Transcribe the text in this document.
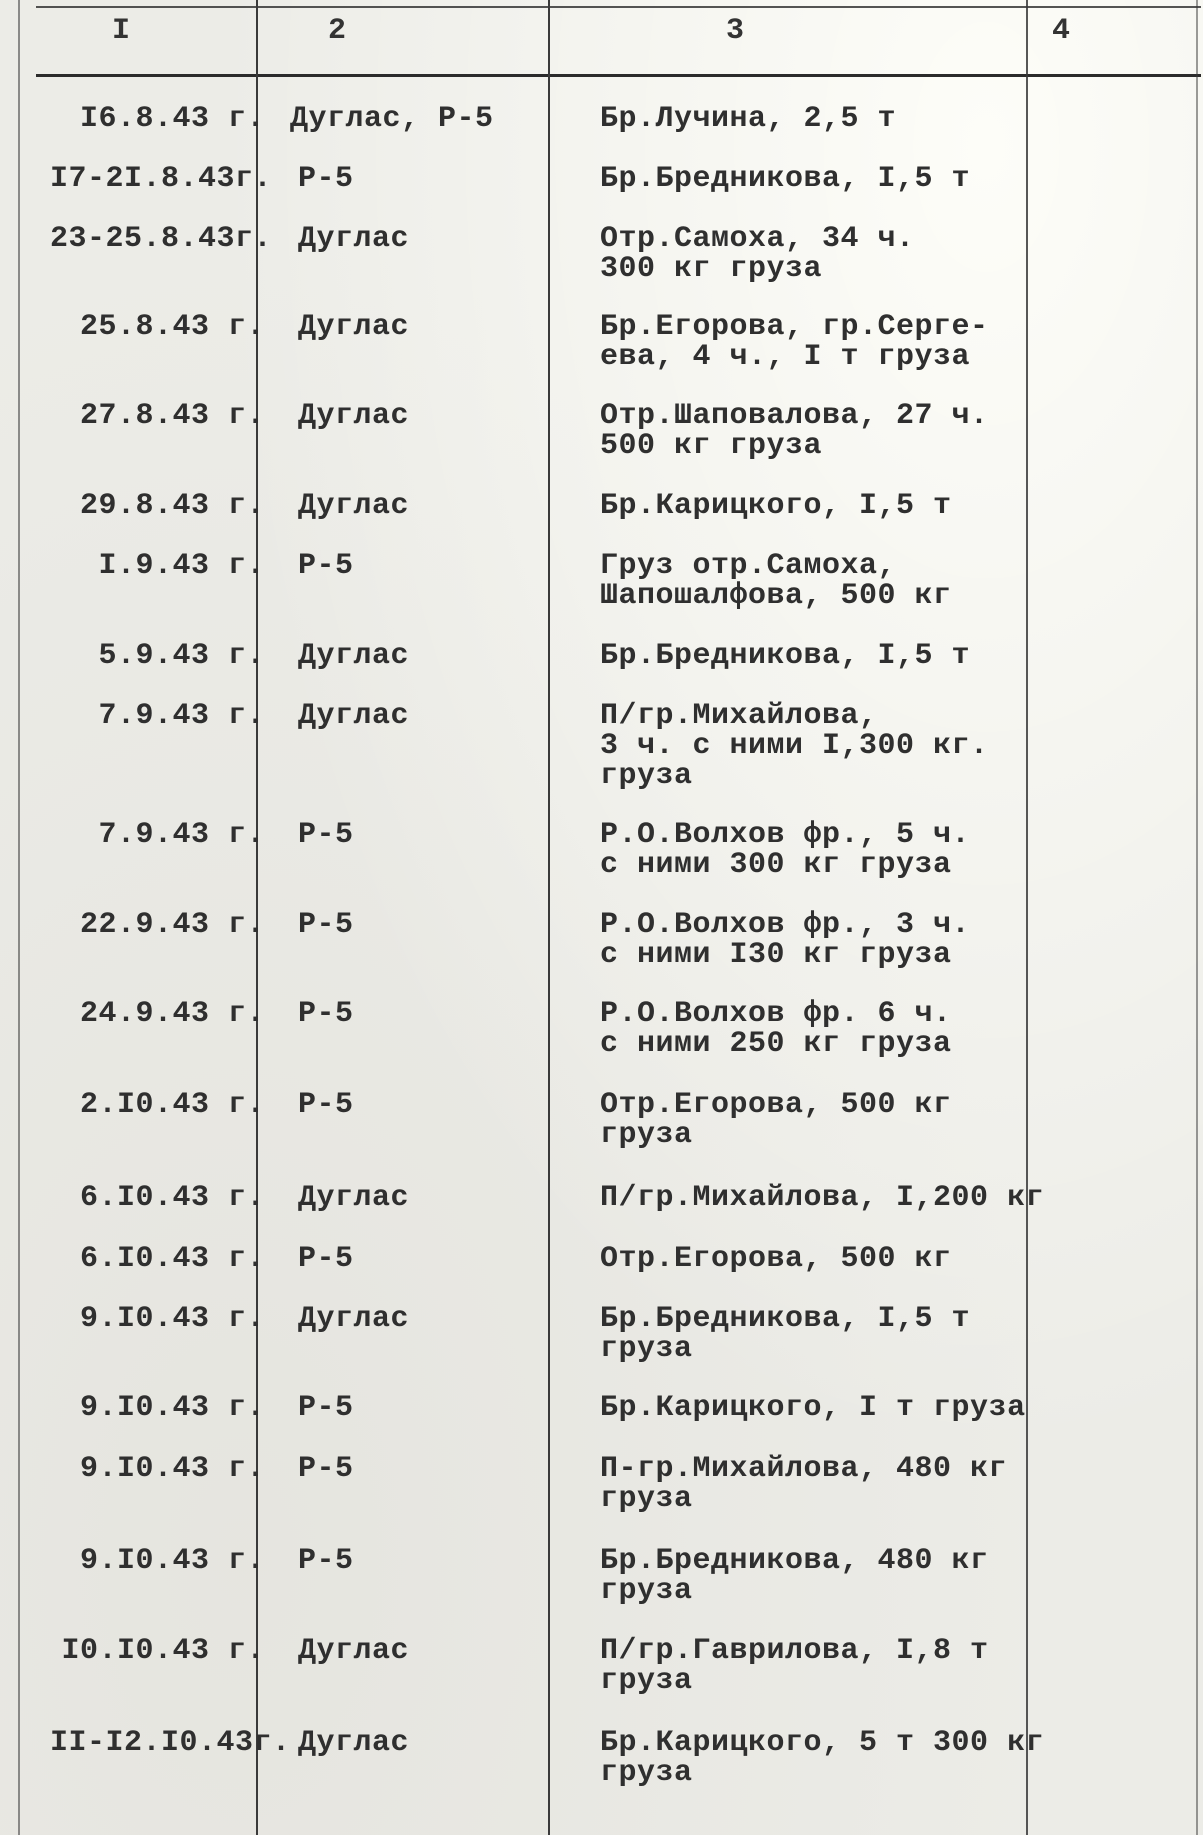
I	2	3	4
I6.8.43 г. Дуглас, Р-5	Бр.Лучина, 2,5 т
I7-2I.8.43г. Р-5	Бр.Бредникова, I,5 т
23-25.8.43г. Дуглас	Отр.Самоха, 34 ч.
300 кг груза
25.8.43 г. Дуглас	Бр.Егорова, гр.Серге-
ева, 4 ч., I т груза
27.8.43 г. Дуглас	Отр.Шаповалова, 27 ч.
500 кг груза
29.8.43 г. Дуглас	Бр.Карицкого, I,5 т
I.9.43 г. Р-5	Груз отр.Самоха,
Шапошалфова, 500 кг
5.9.43 г. Дуглас	Бр.Бредникова, I,5 т
7.9.43 г. Дуглас	П/гр.Михайлова,
3 ч. с ними I,300 кг.
груза
7.9.43 г. Р-5	Р.О.Волхов фр., 5 ч.
с ними 300 кг груза
22.9.43 г. Р-5	Р.О.Волхов фр., 3 ч.
с ними I30 кг груза
24.9.43 г. Р-5	Р.О.Волхов фр. 6 ч.
с ними 250 кг груза
2.I0.43 г. Р-5	Отр.Егорова, 500 кг
груза
6.I0.43 г. Дуглас	П/гр.Михайлова, I,200 кг
6.I0.43 г. Р-5	Отр.Егорова, 500 кг
9.I0.43 г. Дуглас	Бр.Бредникова, I,5 т
груза
9.I0.43 г. Р-5	Бр.Карицкого, I т груза
9.I0.43 г. Р-5	П-гр.Михайлова, 480 кг
груза
9.I0.43 г. Р-5	Бр.Бредникова, 480 кг
груза
I0.I0.43 г. Дуглас	П/гр.Гаврилова, I,8 т
груза
II-I2.I0.43г. Дуглас	Бр.Карицкого, 5 т 300 кг
груза
